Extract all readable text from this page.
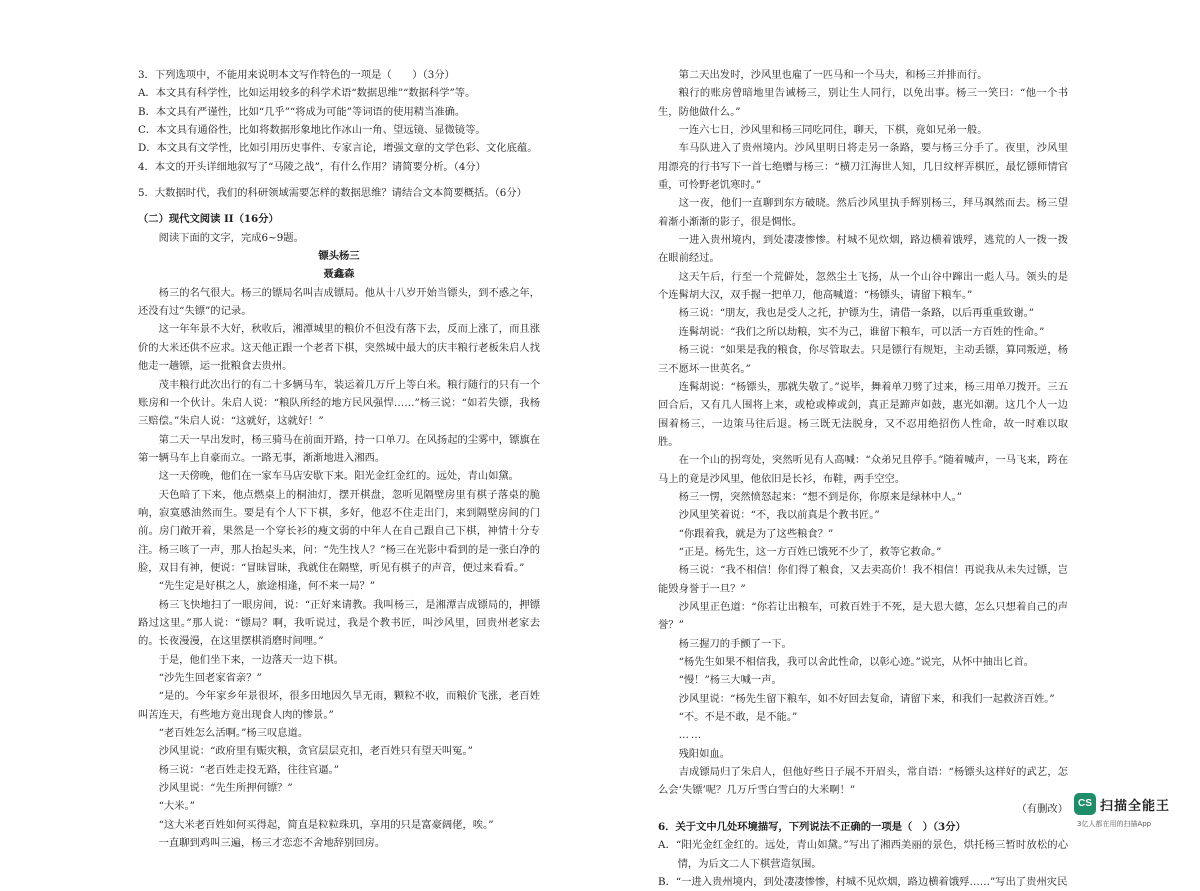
3．下列选项中，不能用来说明本文写作特色的一项是（　　）（3分）

A．本文具有科学性，比如运用较多的科学术语“数据思维”“数据科学”等。

B．本文具有严谨性，比如“几乎”“将成为可能”等词语的使用精当准确。

C．本文具有通俗性，比如将数据形象地比作冰山一角、望远镜、显微镜等。

D．本文具有文学性，比如引用历史事件、专家言论，增强文章的文学色彩、文化底蕴。

4．本文的开头详细地叙写了“马陵之战”，有什么作用？请简要分析。（4分）

5．大数据时代，我们的科研领域需要怎样的数据思维？请结合文本简要概括。（6分）

（二）现代文阅读 II（16分）

阅读下面的文字，完成6~9题。

镖头杨三

聂鑫森

杨三的名气很大。杨三的镖局名叫吉成镖局。他从十八岁开始当镖头，到不惑之年，还没有过“失镖”的记录。

这一年年景不大好，秋收后，湘潭城里的粮价不但没有落下去，反而上涨了，而且涨价的大米还供不应求。这天他正跟一个老者下棋，突然城中最大的庆丰粮行老板朱启人找他走一趟镖，运一批粮食去贵州。

茂丰粮行此次出行的有二十多辆马车，装运着几万斤上等白米。粮行随行的只有一个账房和一个伙计。朱启人说：“粮队所经的地方民风强悍……”杨三说：“如若失镖，我杨三赔偿。”朱启人说：“这就好，这就好！”

第二天一早出发时，杨三骑马在前面开路，持一口单刀。在风扬起的尘雾中，镖旗在第一辆马车上自豪而立。一路无事，渐渐地进入湘西。

这一天傍晚，他们在一家车马店安歇下来。阳光金红金红的。远处，青山如黛。

天色暗了下来，他点燃桌上的桐油灯，摆开棋盘，忽听见隔壁房里有棋子落桌的脆响，寂寞感油然而生。要是有个人下下棋，多好，他忍不住走出门，来到隔壁房间的门前。房门敞开着，果然是一个穿长衫的瘦文弱的中年人在自己跟自己下棋，神情十分专注。杨三咳了一声，那人抬起头来，问：“先生找人？”杨三在光影中看到的是一张白净的脸，双目有神，便说：“冒昧冒昧，我就住在隔壁，听见有棋子的声音，便过来看看。”

“先生定是好棋之人，旅途相逢，何不来一局？”

杨三飞快地扫了一眼房间，说：“正好来请教。我叫杨三，是湘潭吉成镖局的，押镖路过这里。”那人说：“镖局？啊，我听说过，我是个教书匠，叫沙风里，回贵州老家去的。长夜漫漫，在这里摆棋消磨时间哩。”

于是，他们坐下来，一边落天一边下棋。

“沙先生回老家省亲？”

“是的。今年家乡年景很坏，很多田地因久旱无雨，颗粒不收，而粮价飞涨，老百姓叫苦连天，有些地方竟出现食人肉的惨景。”

“老百姓怎么活啊。”杨三叹息道。

沙风里说：“政府里有赈灾粮，贪官层层克扣，老百姓只有望天叫冤。”

杨三说：“老百姓走投无路，往往官逼。”

沙风里说：“先生所押何镖？”

“大米。”

“这大米老百姓如何买得起，简直是粒粒珠玑，享用的只是富豪阔佬，唉。”

一直聊到鸡叫三遍，杨三才恋恋不舍地辞别回房。

第二天出发时，沙风里也雇了一匹马和一个马夫，和杨三并排而行。

粮行的账房曾暗地里告诫杨三，别让生人同行，以免出事。杨三一笑曰：“他一个书生，防他做什么。”

一连六七日，沙风里和杨三同吃同住，聊天，下棋，竟如兄弟一般。

车马队进入了贵州境内。沙风里明日将走另一条路，要与杨三分手了。夜里，沙风里用漂亮的行书写下一首七绝赠与杨三：“横刀江海世人知，几日纹枰弄棋匠，最忆镖师情官重，可怜野老饥寒时。”

这一夜，他们一直聊到东方破晓。然后沙风里执手辉别杨三，拜马飒然而去。杨三望着渐小渐渐的影子，很是惆怅。

一进入贵州境内，到处凄凄惨惨。村城不见炊烟，路边横着饿殍，逃荒的人一拨一拨在眼前经过。

这天午后，行至一个荒僻处，忽然尘土飞扬，从一个山谷中蹿出一彪人马。领头的是个连髯胡大汉，双手握一把单刀，他高喊道：“杨镖头，请留下粮车。”

杨三说：“朋友，我也是受人之托，护镖为生，请借一条路，以后再重重致谢。”

连髯胡说：“我们之所以劫粮，实不为己，谁留下粮车，可以活一方百姓的性命。”

杨三说：“如果是我的粮食，你尽管取去。只是镖行有规矩，主动丢镖，算同叛逆，杨三不愿坏一世英名。”

连髯胡说：“杨镖头，那就失敬了。”说毕，舞着单刀劈了过来，杨三用单刀拨开。三五回合后，又有几人围将上来，或枪或棒或剑，真正是蹄声如鼓，惠光如潮。这几个人一边围着杨三，一边策马往后退。杨三既无法脱身，又不忍用绝招伤人性命，故一时难以取胜。

在一个山的拐弯处，突然听见有人高喊：“众弟兄且停手。”随着喊声，一马飞来，跨在马上的竟是沙风里，他依旧是长衫，布鞋，两手空空。

杨三一愣，突然愤怒起来：“想不到是你，你原来是绿林中人。”

沙风里笑着说：“不，我以前真是个教书匠。”

“你跟着我，就是为了这些粮食？”

“正是。杨先生，这一方百姓已饿死不少了，救等它救命。”

杨三说：“我不相信！你们得了粮食，又去卖高价！我不相信！再说我从未失过镖，岂能毁身誉于一旦？”

沙风里正色道：“你若让出粮车，可救百姓于不死，是大恩大德，怎么只想着自己的声誉？”

杨三握刀的手颤了一下。

“杨先生如果不相信我，我可以舍此性命，以彰心迹。”说完，从怀中抽出匕首。

“慢！”杨三大喊一声。

沙风里说：“杨先生留下粮车，如不好回去复命，请留下来，和我们一起救济百姓。”

“不。不是不敢，是不能。”

……

残阳如血。

吉成镖局归了朱启人，但他好些日子展不开眉头，常自语：“杨镖头这样好的武艺，怎么会‘失镖’呢？几万斤雪白雪白的大米啊！”

（有删改）

6．关于文中几处环境描写，下列说法不正确的一项是（　）（3分）

A．“阳光金红金红的。远处，青山如黛。”写出了湘西美丽的景色，烘托杨三暂时放松的心情，为后文二人下棋营造氛围。

B．“一进入贵州境内，到处凄凄惨惨，村城不见炊烟，路边横着饿殍……”写出了贵州灾民

CS 扫描全能王
3亿人都在用的扫描App
